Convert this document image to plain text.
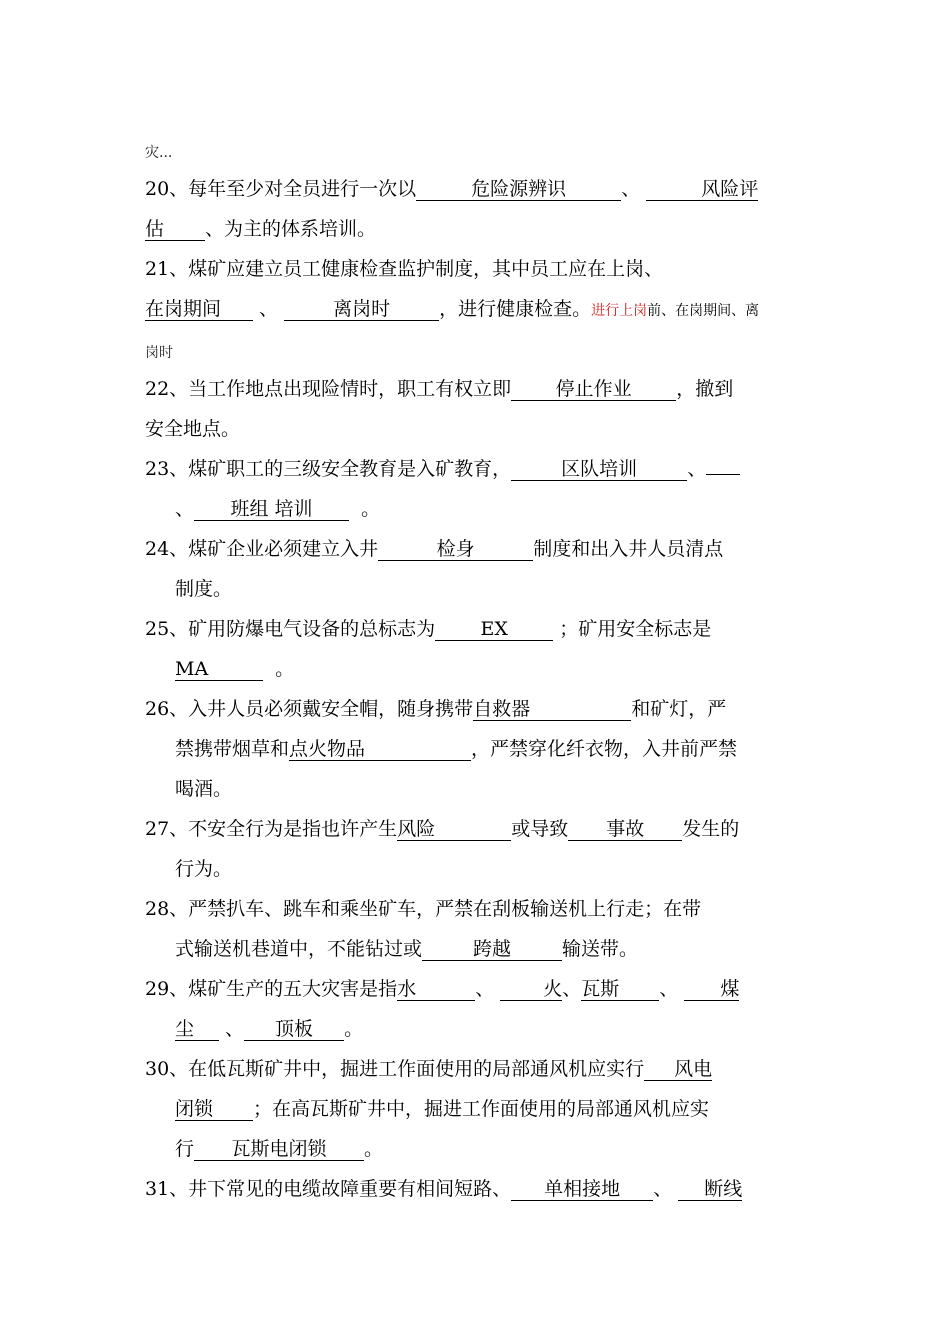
灾...
20、每年至少对全员进行一次以	危险源辨识	、	风险评
估 、为主的体系培训。
21、煤矿应建立员工健康检查监护制度，其中员工应在上岗、
在岗期间 、	离岗时	，进行健康检查。进行上岗前、在岗期间、离
岗时
22、当工作地点出现险情时，职工有权立即 停止作业 ，撤到
安全地点。
23、煤矿职工的三级安全教育是入矿教育，	区队培训	、
、 班组 培训	。
24、煤矿企业必须建立入井	检身	制度和出入井人员清点
制度。
25、矿用防爆电气设备的总标志为 EX	；矿用安全标志是
MA	。
26、入井人员必须戴安全帽，随身携带自救器	和矿灯，严
禁携带烟草和点火物品	，严禁穿化纤衣物，入井前严禁
喝酒。
27、不安全行为是指也许产生风险	或导致 事故 发生的
行为。
28、严禁扒车、跳车和乘坐矿车，严禁在刮板输送机上行走；在带
式输送机巷道中，不能钻过或	跨越	输送带。
29、煤矿生产的五大灾害是指水	、	火、瓦斯 、 煤
尘 、 顶板 。
30、在低瓦斯矿井中，掘进工作面使用的局部通风机应实行 风电
闭锁 ；在高瓦斯矿井中，掘进工作面使用的局部通风机应实
行 瓦斯电闭锁 。
31、井下常见的电缆故障重要有相间短路、 单相接地 、 断线
